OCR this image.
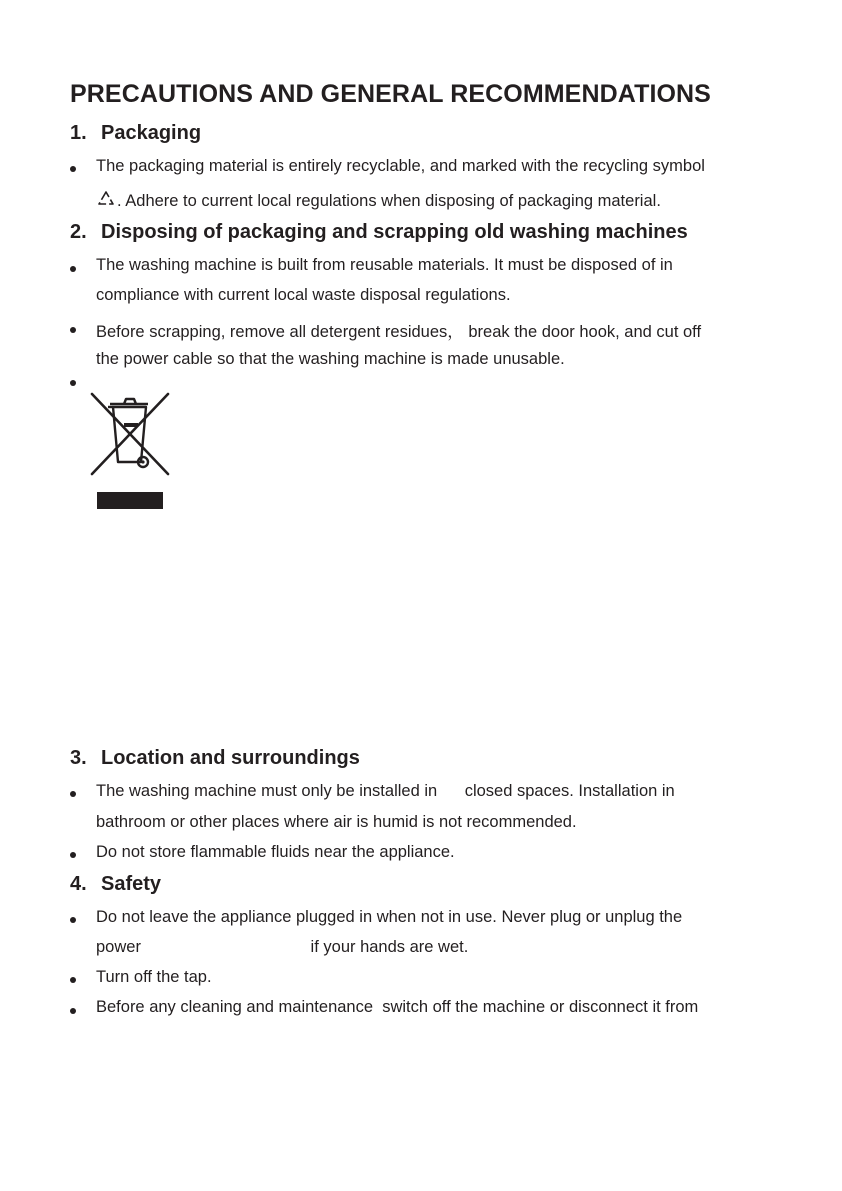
PRECAUTIONS AND GENERAL RECOMMENDATIONS
1. Packaging
The packaging material is entirely recyclable, and marked with the recycling symbol
. Adhere to current local regulations when disposing of packaging material.
2. Disposing of packaging and scrapping old washing machines
The washing machine is built from reusable materials. It must be disposed of in
compliance with current local waste disposal regulations.
Before scrapping, remove all detergent residues， break the door hook, and cut off
the power cable so that the washing machine is made unusable.
3. Location and surroundings
The washing machine must only be installed in      closed spaces. Installation in
bathroom or other places where air is humid is not recommended.
Do not store flammable fluids near the appliance.
4. Safety
Do not leave the appliance plugged in when not in use. Never plug or unplug the
power                                     if your hands are wet.
Turn off the tap.
Before any cleaning and maintenance  switch off the machine or disconnect it from
